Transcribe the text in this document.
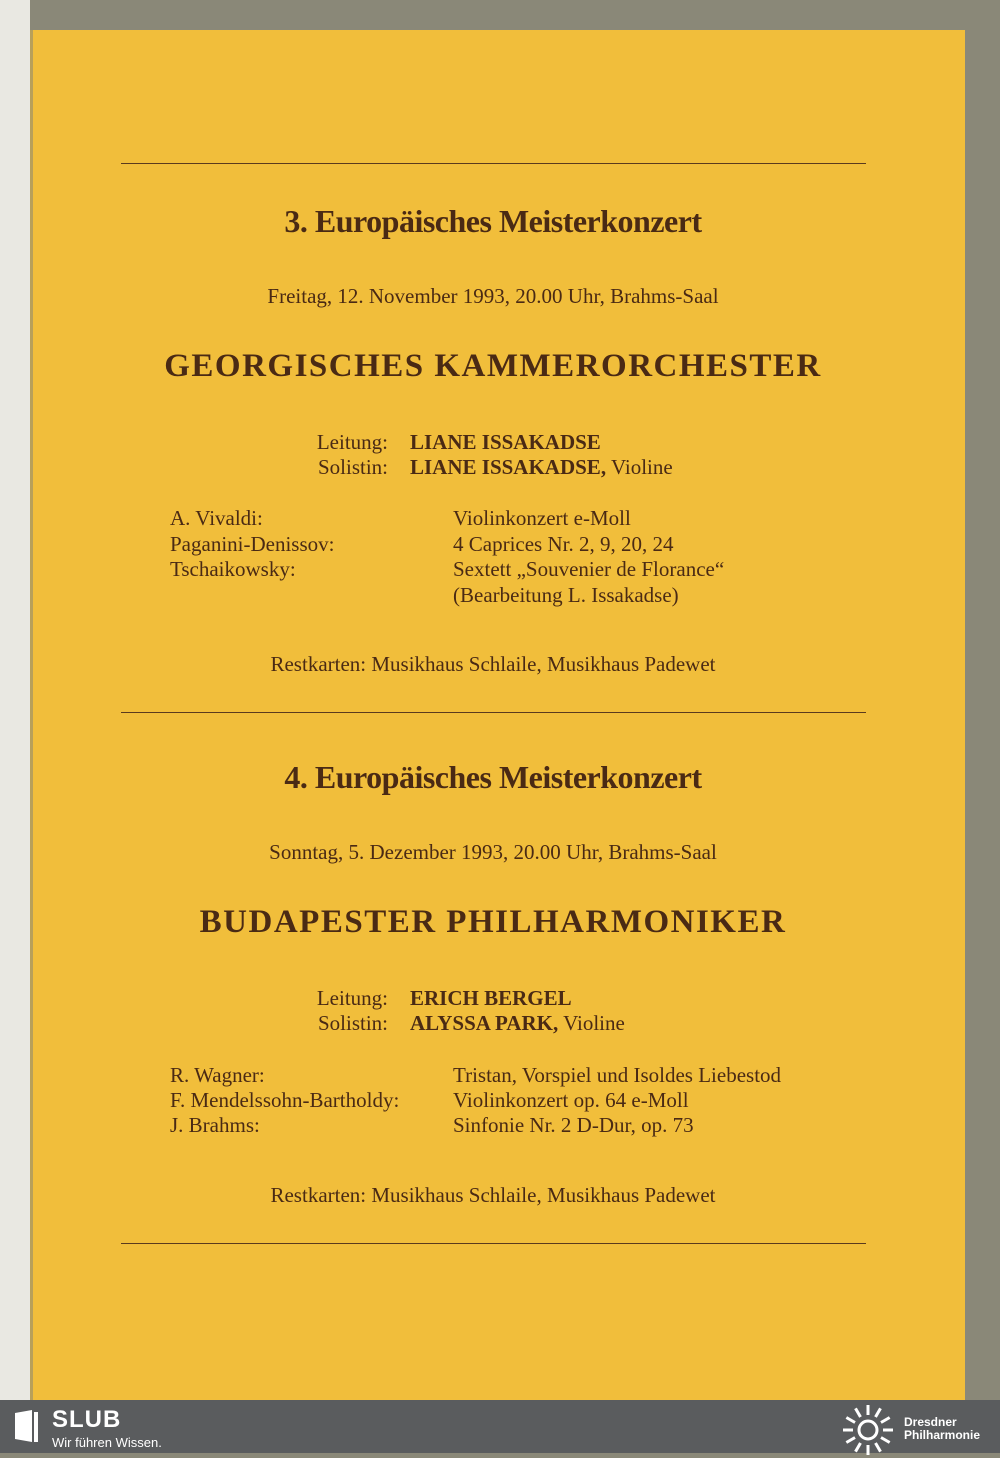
3. Europäisches Meisterkonzert
Freitag, 12. November 1993, 20.00 Uhr, Brahms-Saal
GEORGISCHES KAMMERORCHESTER
Leitung: LIANE ISSAKADSE
Solistin: LIANE ISSAKADSE, Violine
A. Vivaldi:	Violinkonzert e-Moll
Paganini-Denissov:	4 Caprices Nr. 2, 9, 20, 24
Tschaikowsky:	Sextett „Souvenier de Florance“
(Bearbeitung L. Issakadse)
Restkarten: Musikhaus Schlaile, Musikhaus Padewet
4. Europäisches Meisterkonzert
Sonntag, 5. Dezember 1993, 20.00 Uhr, Brahms-Saal
BUDAPESTER PHILHARMONIKER
Leitung: ERICH BERGEL
Solistin: ALYSSA PARK, Violine
R. Wagner:	Tristan, Vorspiel und Isoldes Liebestod
F. Mendelssohn-Bartholdy:	Violinkonzert op. 64 e-Moll
J. Brahms:	Sinfonie Nr. 2 D-Dur, op. 73
Restkarten: Musikhaus Schlaile, Musikhaus Padewet
SLUB
Wir führen Wissen.
Dresdner
Philharmonie
